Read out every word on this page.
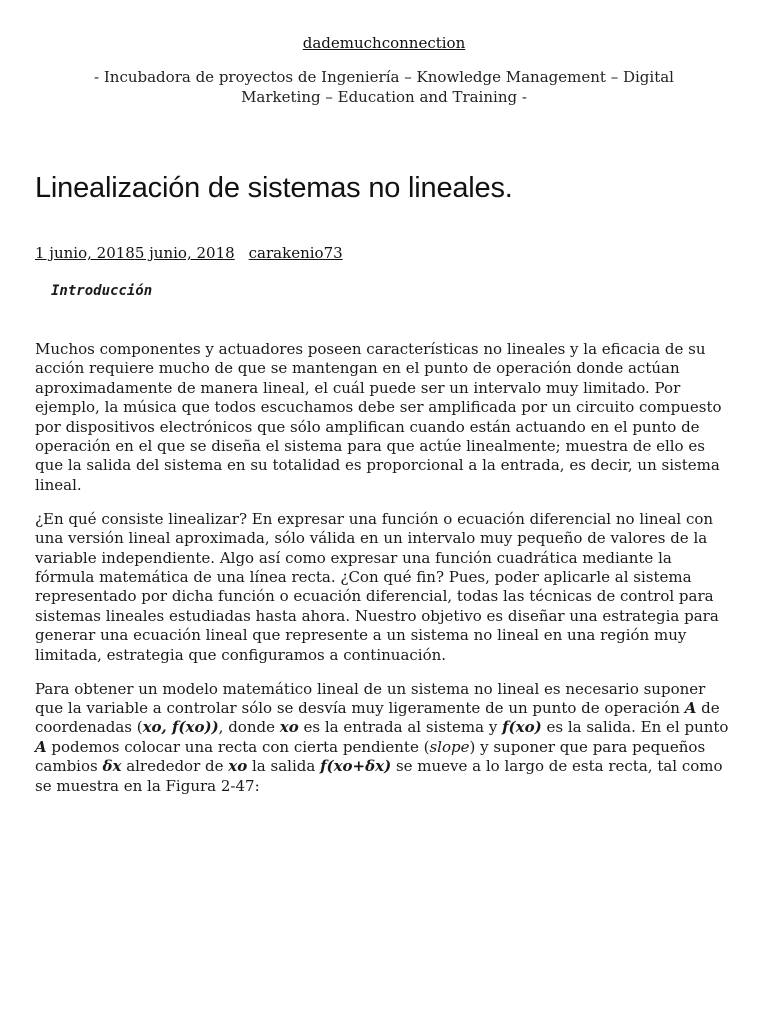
dademuchconnection

- Incubadora de proyectos de Ingeniería – Knowledge Management – Digital Marketing – Education and Training -

Linealización de sistemas no lineales.
1 junio, 20185 junio, 2018 carakenio73
Introducción

Muchos componentes y actuadores poseen características no lineales y la eficacia de su acción requiere mucho de que se mantengan en el punto de operación donde actúan aproximadamente de manera lineal, el cuál puede ser un intervalo muy limitado. Por ejemplo, la música que todos escuchamos debe ser amplificada por un circuito compuesto por dispositivos electrónicos que sólo amplifican cuando están actuando en el punto de operación en el que se diseña el sistema para que actúe linealmente; muestra de ello es que la salida del sistema en su totalidad es proporcional a la entrada, es decir, un sistema lineal.

¿En qué consiste linealizar? En expresar una función o ecuación diferencial no lineal con una versión lineal aproximada, sólo válida en un intervalo muy pequeño de valores de la variable independiente. Algo así como expresar una función cuadrática mediante la fórmula matemática de una línea recta. ¿Con qué fin? Pues, poder aplicarle al sistema representado por dicha función o ecuación diferencial, todas las técnicas de control para sistemas lineales estudiadas hasta ahora. Nuestro objetivo es diseñar una estrategia para generar una ecuación lineal que represente a un sistema no lineal en una región muy limitada, estrategia que configuramos a continuación.

Para obtener un modelo matemático lineal de un sistema no lineal es necesario suponer que la variable a controlar sólo se desvía muy ligeramente de un punto de operación A de coordenadas (xo, f(xo)), donde xo es la entrada al sistema y f(xo) es la salida. En el punto A podemos colocar una recta con cierta pendiente (slope) y suponer que para pequeños cambios δx alrededor de xo la salida f(xo+δx) se mueve a lo largo de esta recta, tal como se muestra en la Figura 2-47:
